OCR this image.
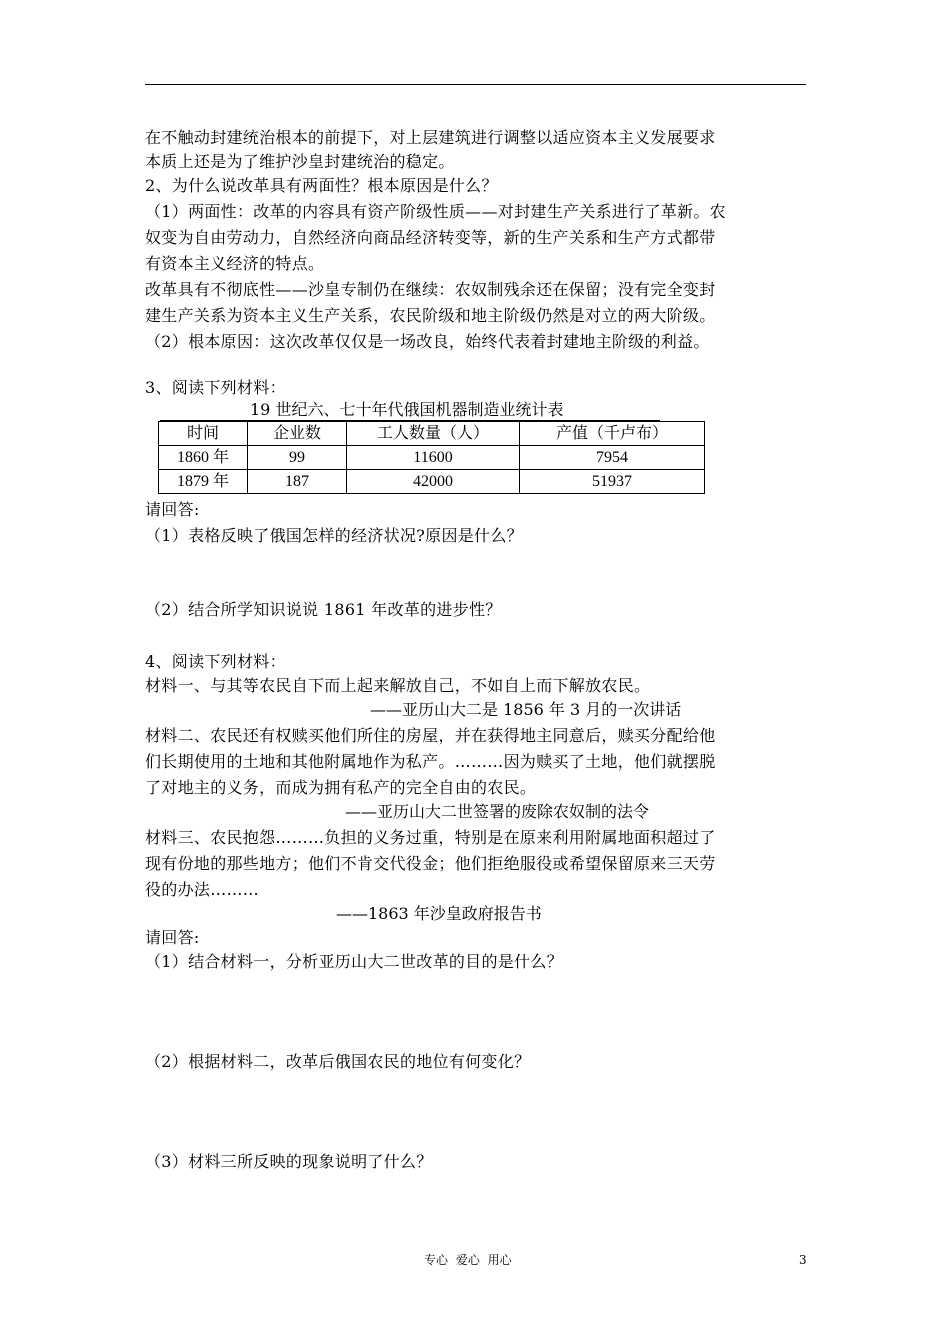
在不触动封建统治根本的前提下，对上层建筑进行调整以适应资本主义发展要求
本质上还是为了维护沙皇封建统治的稳定。
2、为什么说改革具有两面性？根本原因是什么？
（1）两面性：改革的内容具有资产阶级性质——对封建生产关系进行了革新。农
奴变为自由劳动力，自然经济向商品经济转变等，新的生产关系和生产方式都带
有资本主义经济的特点。
改革具有不彻底性——沙皇专制仍在继续：农奴制残余还在保留；没有完全变封
建生产关系为资本主义生产关系，农民阶级和地主阶级仍然是对立的两大阶级。
（2）根本原因：这次改革仅仅是一场改良，始终代表着封建地主阶级的利益。
3、阅读下列材料：
19 世纪六、七十年代俄国机器制造业统计表
时间	企业数	工人数量（人）	产值（千卢布）
1860 年	99	11600	7954
1879 年	187	42000	51937
请回答:
（1）表格反映了俄国怎样的经济状况?原因是什么？
（2）结合所学知识说说 1861 年改革的进步性？
4、阅读下列材料：
材料一、与其等农民自下而上起来解放自己，不如自上而下解放农民。
——亚历山大二是 1856 年 3 月的一次讲话
材料二、农民还有权赎买他们所住的房屋，并在获得地主同意后，赎买分配给他
们长期使用的土地和其他附属地作为私产。………因为赎买了土地，他们就摆脱
了对地主的义务，而成为拥有私产的完全自由的农民。
——亚历山大二世签署的废除农奴制的法令
材料三、农民抱怨………负担的义务过重，特别是在原来利用附属地面积超过了
现有份地的那些地方；他们不肯交代役金；他们拒绝服役或希望保留原来三天劳
役的办法………
——1863 年沙皇政府报告书
请回答:
（1）结合材料一，分析亚历山大二世改革的目的是什么？
（2）根据材料二，改革后俄国农民的地位有何变化？
（3）材料三所反映的现象说明了什么？
专心 爱心 用心	3
